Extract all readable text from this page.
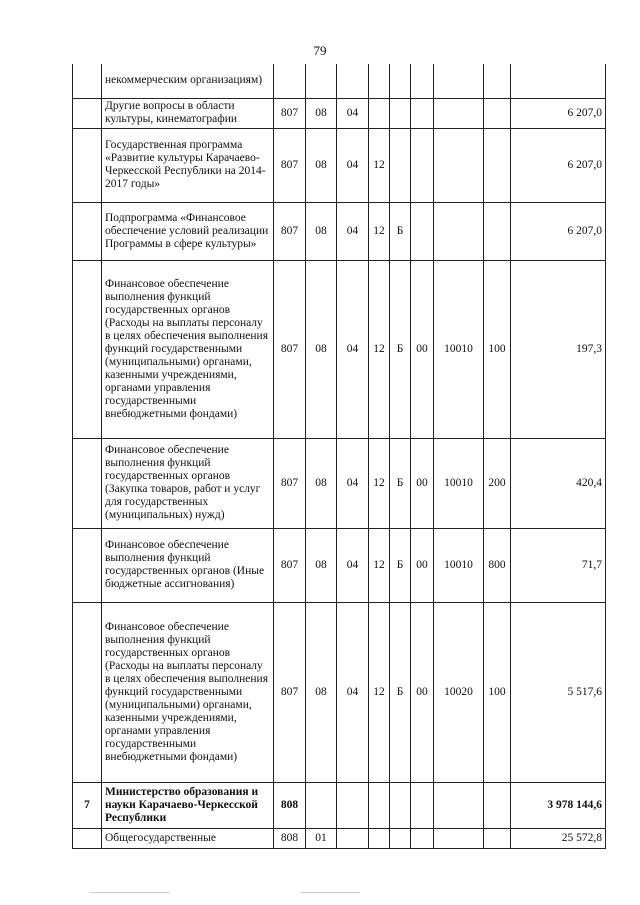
79
	некоммерческим организациям)									
	Другие вопросы в области культуры, кинематографии	807	08	04						6 207,0
	Государственная программа «Развитие культуры Карачаево-Черкесской Республики на 2014-2017 годы»	807	08	04	12					6 207,0
	Подпрограмма «Финансовое обеспечение условий реализации Программы в сфере культуры»	807	08	04	12	Б				6 207,0
	Финансовое обеспечение выполнения функций государственных органов (Расходы на выплаты персоналу в целях обеспечения выполнения функций государственными (муниципальными) органами, казенными учреждениями, органами управления государственными внебюджетными фондами)	807	08	04	12	Б	00	10010	100	197,3
	Финансовое обеспечение выполнения функций государственных органов (Закупка товаров, работ и услуг для государственных (муниципальных) нужд)	807	08	04	12	Б	00	10010	200	420,4
	Финансовое обеспечение выполнения функций государственных органов (Иные бюджетные ассигнования)	807	08	04	12	Б	00	10010	800	71,7
	Финансовое обеспечение выполнения функций государственных органов (Расходы на выплаты персоналу в целях обеспечения выполнения функций государственными (муниципальными) органами, казенными учреждениями, органами управления государственными внебюджетными фондами)	807	08	04	12	Б	00	10020	100	5 517,6
7	Министерство образования и науки Карачаево-Черкесской Республики	808								3 978 144,6
	Общегосударственные	808	01							25 572,8
